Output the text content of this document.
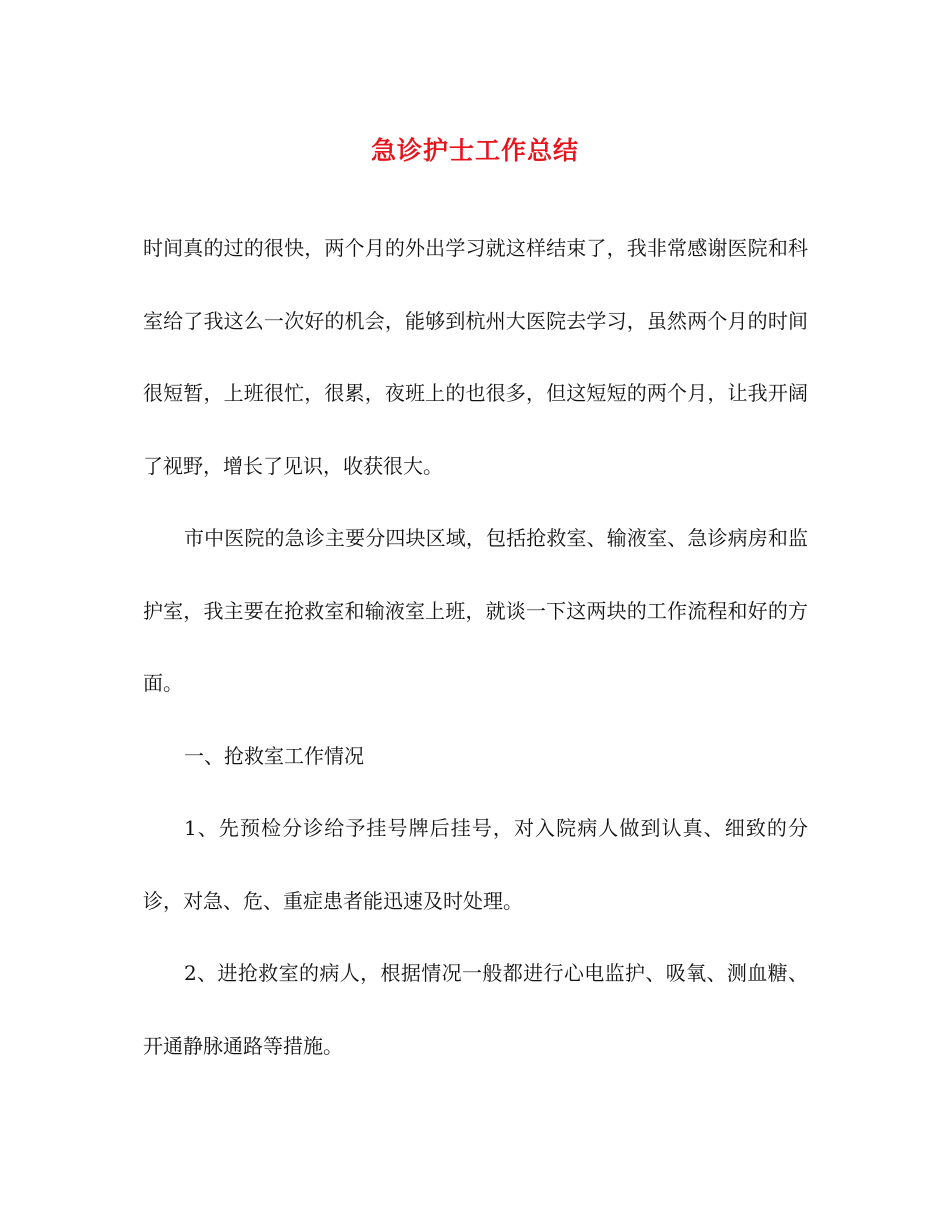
急诊护士工作总结

时间真的过的很快，两个月的外出学习就这样结束了，我非常感谢医院和科室给了我这么一次好的机会，能够到杭州大医院去学习，虽然两个月的时间很短暂，上班很忙，很累，夜班上的也很多，但这短短的两个月，让我开阔了视野，增长了见识，收获很大。

市中医院的急诊主要分四块区域，包括抢救室、输液室、急诊病房和监护室，我主要在抢救室和输液室上班，就谈一下这两块的工作流程和好的方面。

一、抢救室工作情况

1、先预检分诊给予挂号牌后挂号，对入院病人做到认真、细致的分诊，对急、危、重症患者能迅速及时处理。

2、进抢救室的病人，根据情况一般都进行心电监护、吸氧、测血糖、开通静脉通路等措施。
